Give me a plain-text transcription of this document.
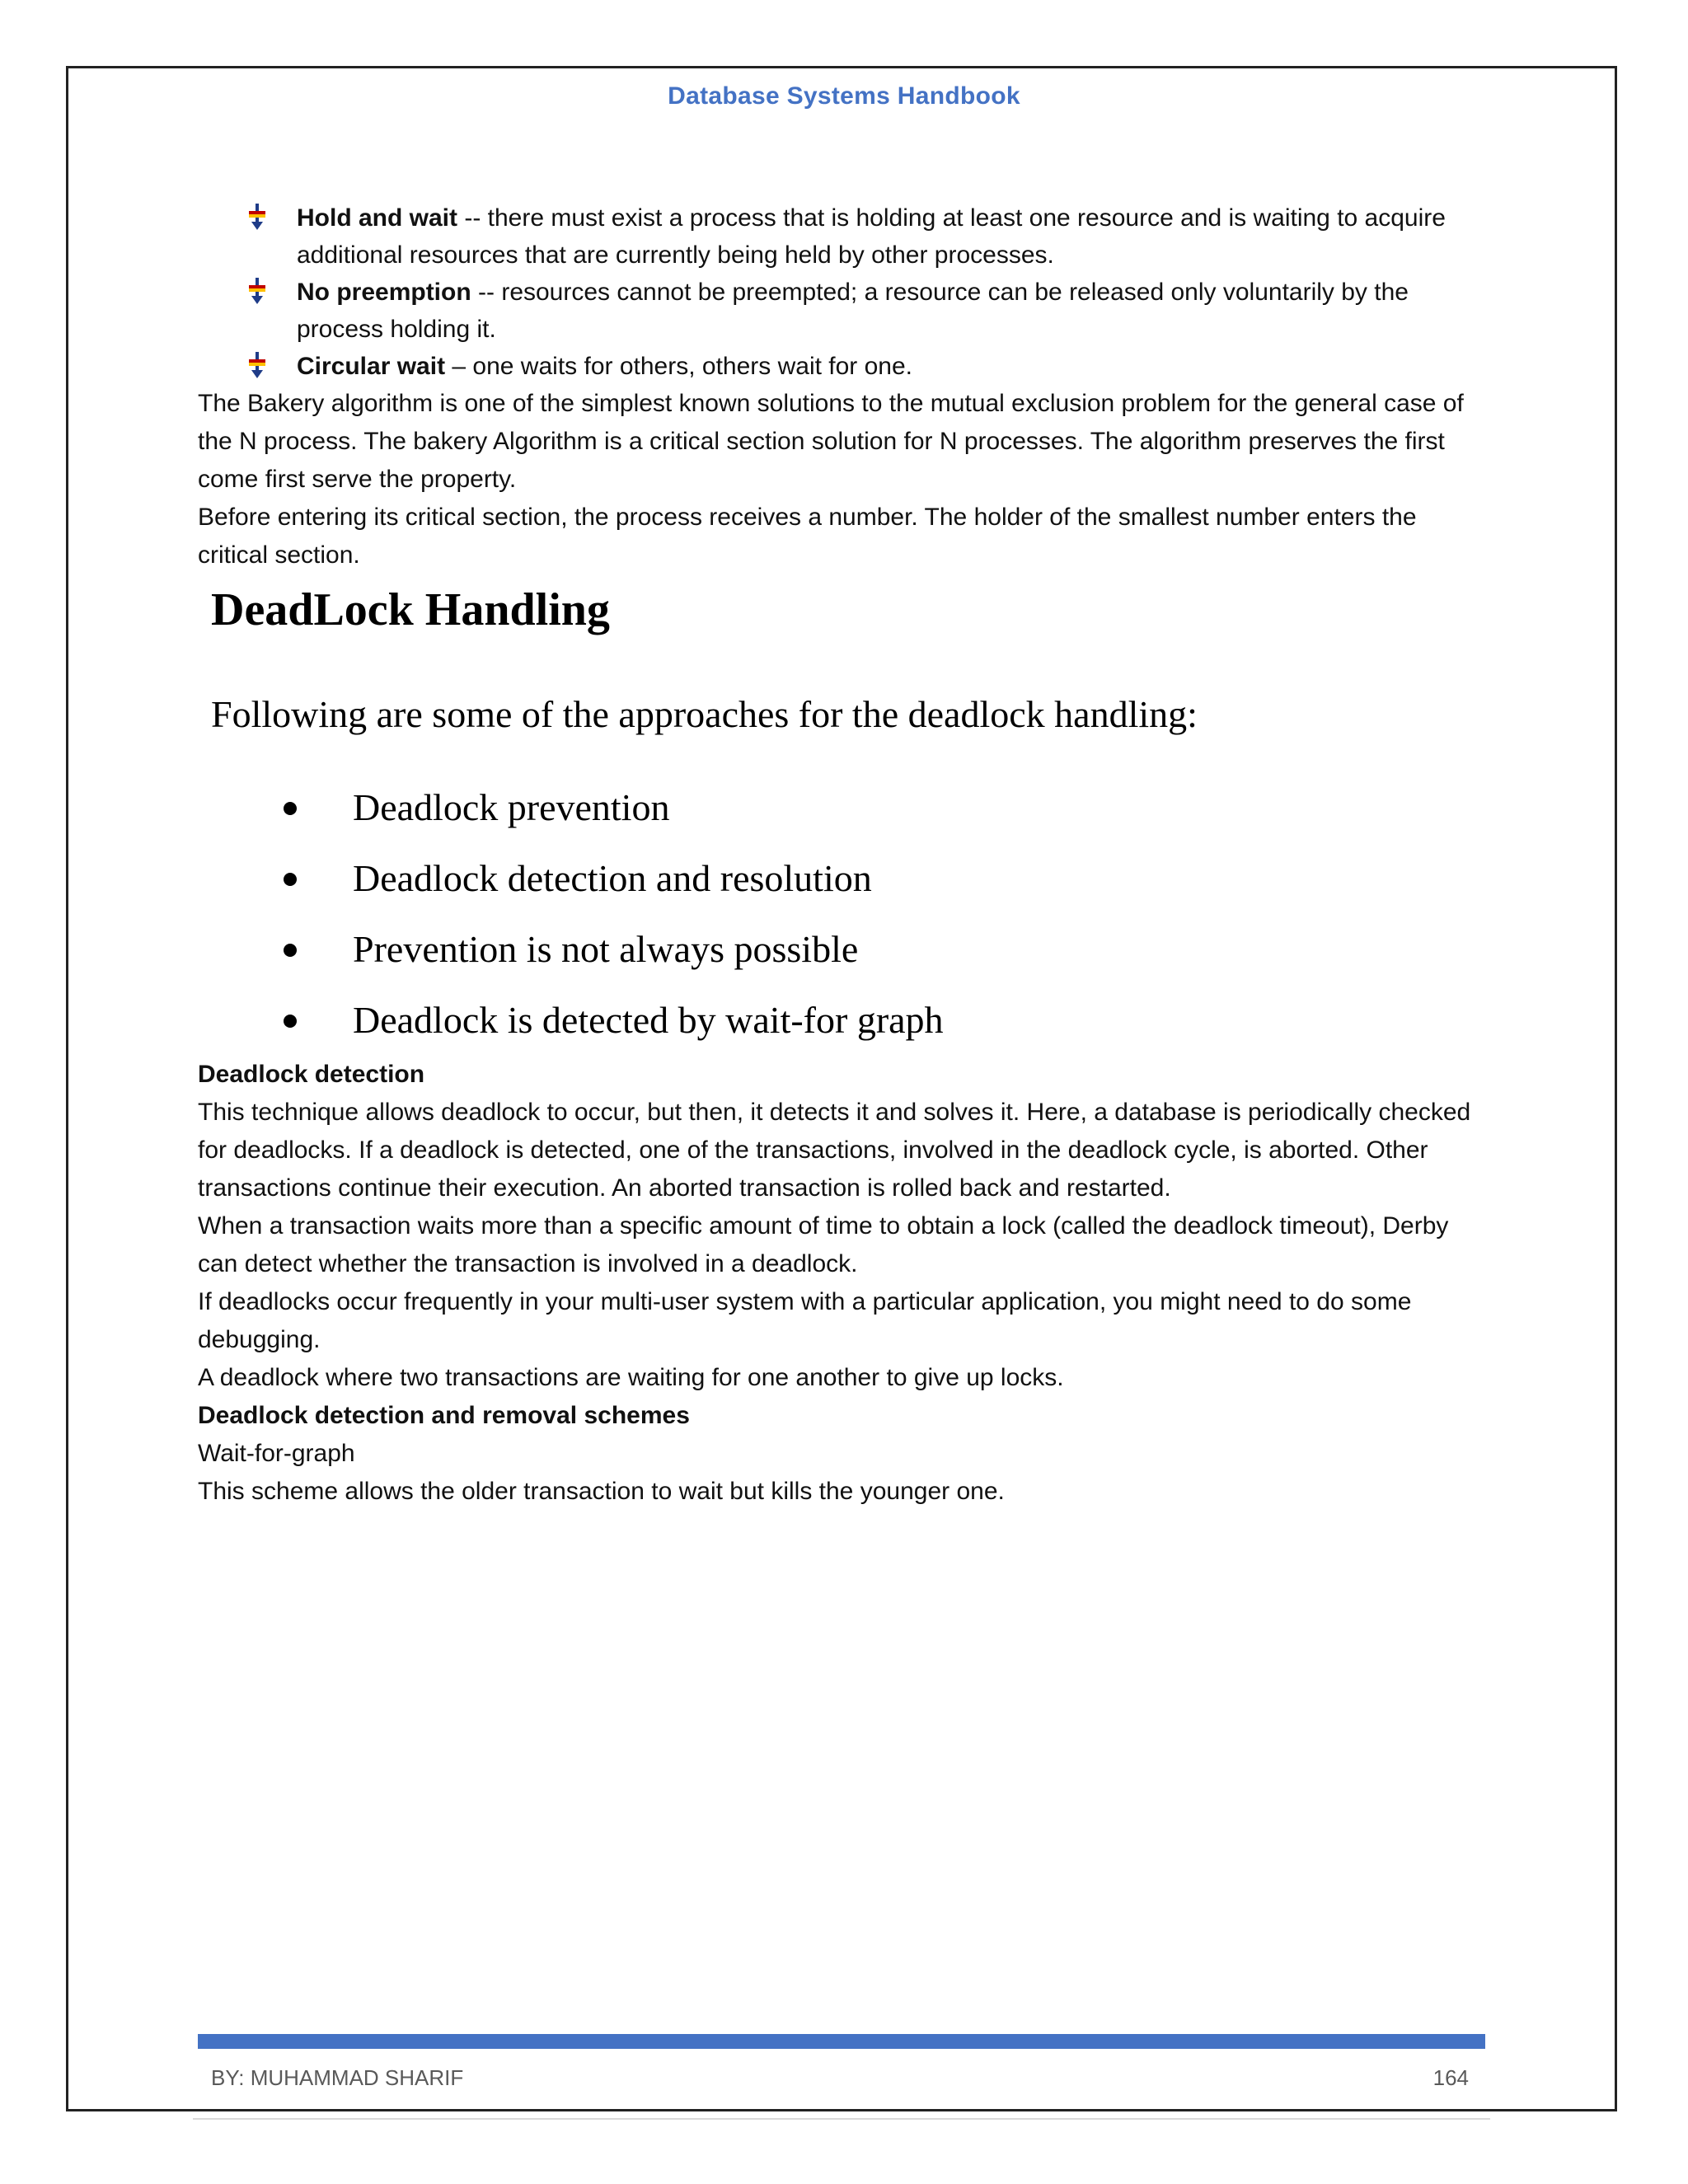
Database Systems Handbook
Hold and wait -- there must exist a process that is holding at least one resource and is waiting to acquire additional resources that are currently being held by other processes.
No preemption -- resources cannot be preempted; a resource can be released only voluntarily by the process holding it.
Circular wait – one waits for others, others wait for one.

The Bakery algorithm is one of the simplest known solutions to the mutual exclusion problem for the general case of the N process. The bakery Algorithm is a critical section solution for N processes. The algorithm preserves the first come first serve the property.

Before entering its critical section, the process receives a number. The holder of the smallest number enters the critical section.

DeadLock Handling

Following are some of the approaches for the deadlock handling:

Deadlock prevention
Deadlock detection and resolution
Prevention is not always possible
Deadlock is detected by wait-for graph

Deadlock detection

This technique allows deadlock to occur, but then, it detects it and solves it. Here, a database is periodically checked for deadlocks. If a deadlock is detected, one of the transactions, involved in the deadlock cycle, is aborted. Other transactions continue their execution. An aborted transaction is rolled back and restarted.

When a transaction waits more than a specific amount of time to obtain a lock (called the deadlock timeout), Derby can detect whether the transaction is involved in a deadlock.

If deadlocks occur frequently in your multi-user system with a particular application, you might need to do some debugging.

A deadlock where two transactions are waiting for one another to give up locks.

Deadlock detection and removal schemes

Wait-for-graph

This scheme allows the older transaction to wait but kills the younger one.

BY: MUHAMMAD SHARIF	164
